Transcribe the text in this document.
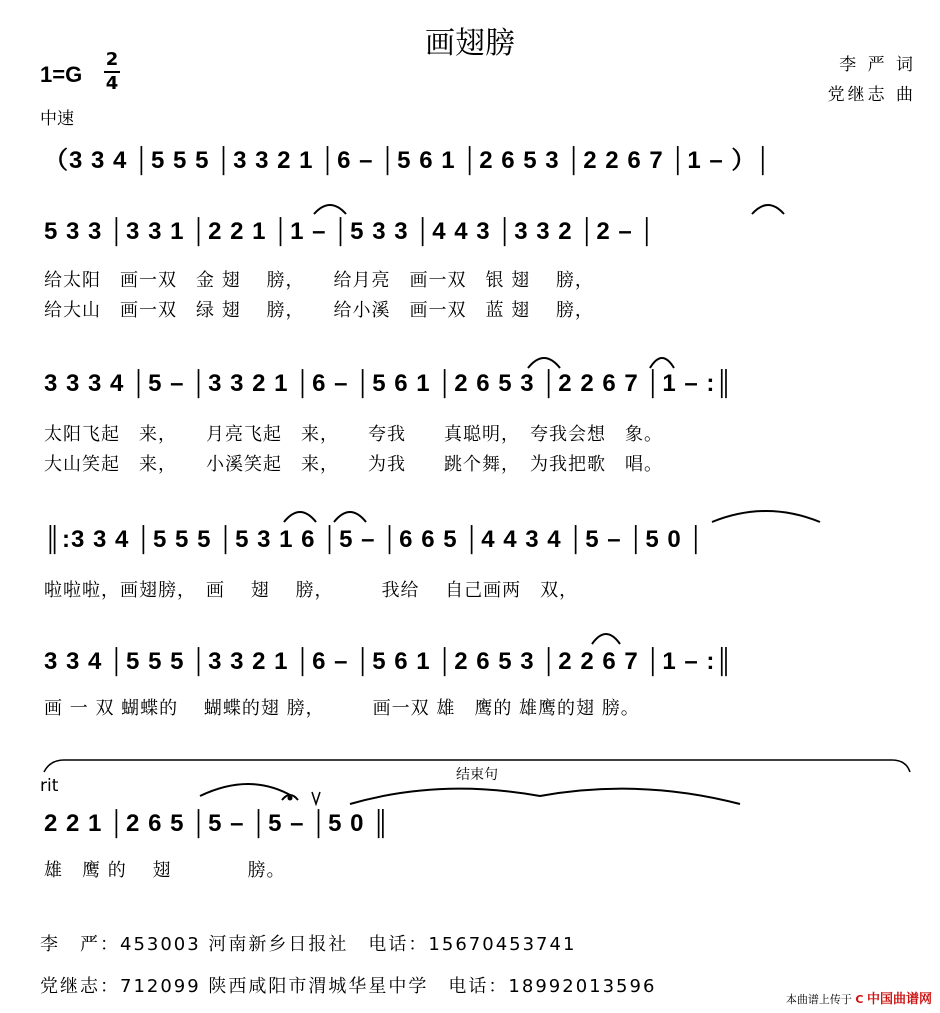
画翅膀
李 严 词
党继志 曲
1=G
2
4
中速
（3 3 4 │5 5 5 │3 3 2 1 │6 – │5 6 1 │2 6 5 3 │2 2 6 7 │1 – ）│
5 3 3 │3 3 1 │2 2 1 │1 – │5 3 3 │4 4 3 │3 3 2 │2 – │
给太阳　画一双　金 翅　 膀，　　给月亮　画一双　银 翅　 膀，
给大山　画一双　绿 翅　 膀，　　给小溪　画一双　蓝 翅　 膀，
3 3 3 4 │5 – │3 3 2 1 │6 – │5 6 1 │2 6 5 3 │2 2 6 7 │1 – :║
太阳飞起　来，　　月亮飞起　来，　　夸我　　真聪明，　夸我会想　象。
大山笑起　来，　　小溪笑起　来，　　为我　　跳个舞，　为我把歌　唱。
║:3 3 4 │5 5 5 │5 3 1 6 │5 – │6 6 5 │4 4 3 4 │5 – │5 0 │
啦啦啦，画翅膀，　画　 翅　 膀，　　　我给　 自己画两　双，
3 3 4 │5 5 5 │3 3 2 1 │6 – │5 6 1 │2 6 5 3 │2 2 6 7 │1 – :║
画 一 双 蝴蝶的　 蝴蝶的翅 膀，　　　画一双 雄　鹰的 雄鹰的翅 膀。
结束句
rit
2 2 1 │2 6 5 │5 – │5 – │5 0 ║
雄　鹰 的　 翅　　　　膀。
李　严：453003 河南新乡日报社　电话：15670453741
党继志：712099 陕西咸阳市渭城华星中学　电话：18992013596
本曲谱上传于 C 中国曲谱网
